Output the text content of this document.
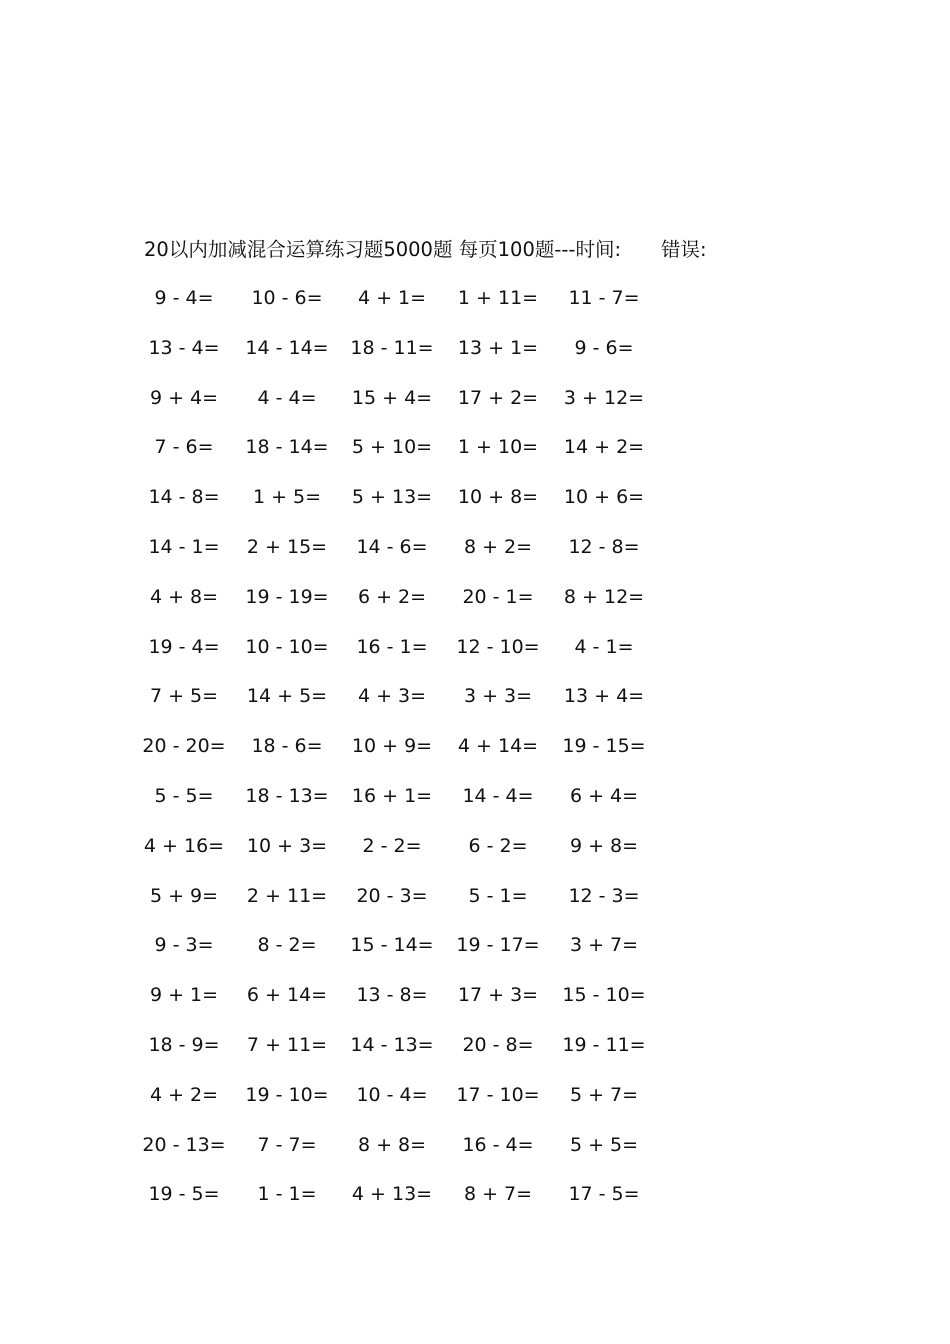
20以内加减混合运算练习题5000题 每页100题---时间: 错误:
9 - 4=	10 - 6=	4 + 1=	1 + 11=	11 - 7=
13 - 4=	14 - 14=	18 - 11=	13 + 1=	9 - 6=
9 + 4=	4 - 4=	15 + 4=	17 + 2=	3 + 12=
7 - 6=	18 - 14=	5 + 10=	1 + 10=	14 + 2=
14 - 8=	1 + 5=	5 + 13=	10 + 8=	10 + 6=
14 - 1=	2 + 15=	14 - 6=	8 + 2=	12 - 8=
4 + 8=	19 - 19=	6 + 2=	20 - 1=	8 + 12=
19 - 4=	10 - 10=	16 - 1=	12 - 10=	4 - 1=
7 + 5=	14 + 5=	4 + 3=	3 + 3=	13 + 4=
20 - 20=	18 - 6=	10 + 9=	4 + 14=	19 - 15=
5 - 5=	18 - 13=	16 + 1=	14 - 4=	6 + 4=
4 + 16=	10 + 3=	2 - 2=	6 - 2=	9 + 8=
5 + 9=	2 + 11=	20 - 3=	5 - 1=	12 - 3=
9 - 3=	8 - 2=	15 - 14=	19 - 17=	3 + 7=
9 + 1=	6 + 14=	13 - 8=	17 + 3=	15 - 10=
18 - 9=	7 + 11=	14 - 13=	20 - 8=	19 - 11=
4 + 2=	19 - 10=	10 - 4=	17 - 10=	5 + 7=
20 - 13=	7 - 7=	8 + 8=	16 - 4=	5 + 5=
19 - 5=	1 - 1=	4 + 13=	8 + 7=	17 - 5=
